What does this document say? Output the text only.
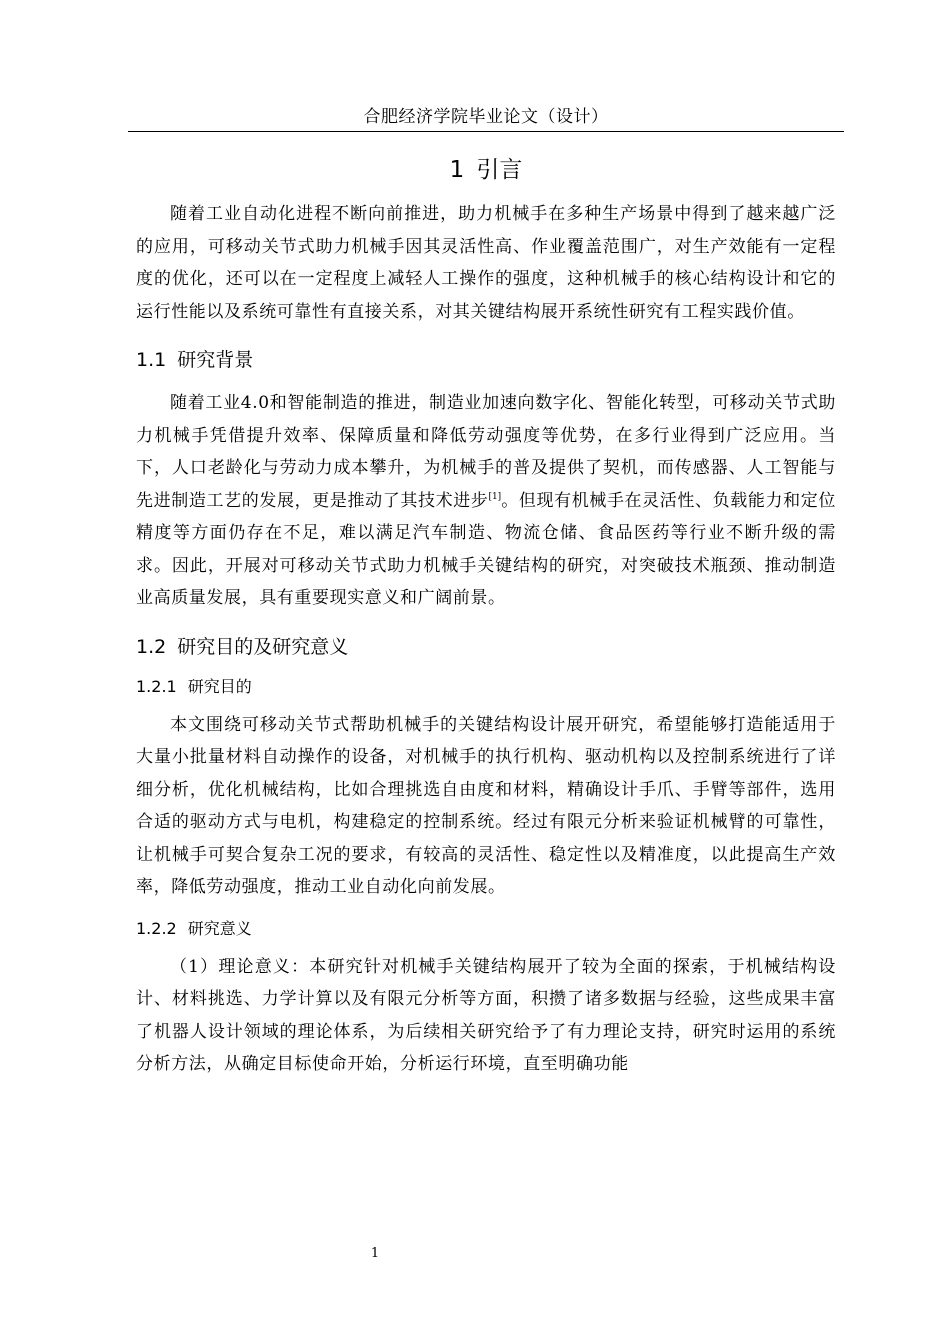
合肥经济学院毕业论文（设计）
1 引言

随着工业自动化进程不断向前推进，助力机械手在多种生产场景中得到了越来越广泛的应用，可移动关节式助力机械手因其灵活性高、作业覆盖范围广，对生产效能有一定程度的优化，还可以在一定程度上减轻人工操作的强度，这种机械手的核心结构设计和它的运行性能以及系统可靠性有直接关系，对其关键结构展开系统性研究有工程实践价值。

1.1 研究背景

随着工业4.0和智能制造的推进，制造业加速向数字化、智能化转型，可移动关节式助力机械手凭借提升效率、保障质量和降低劳动强度等优势，在多行业得到广泛应用。当下，人口老龄化与劳动力成本攀升，为机械手的普及提供了契机，而传感器、人工智能与先进制造工艺的发展，更是推动了其技术进步[1]。但现有机械手在灵活性、负载能力和定位精度等方面仍存在不足，难以满足汽车制造、物流仓储、食品医药等行业不断升级的需求。因此，开展对可移动关节式助力机械手关键结构的研究，对突破技术瓶颈、推动制造业高质量发展，具有重要现实意义和广阔前景。

1.2 研究目的及研究意义
1.2.1 研究目的

本文围绕可移动关节式帮助机械手的关键结构设计展开研究，希望能够打造能适用于大量小批量材料自动操作的设备，对机械手的执行机构、驱动机构以及控制系统进行了详细分析，优化机械结构，比如合理挑选自由度和材料，精确设计手爪、手臂等部件，选用合适的驱动方式与电机，构建稳定的控制系统。经过有限元分析来验证机械臂的可靠性，让机械手可契合复杂工况的要求，有较高的灵活性、稳定性以及精准度，以此提高生产效率，降低劳动强度，推动工业自动化向前发展。

1.2.2 研究意义

（1）理论意义：本研究针对机械手关键结构展开了较为全面的探索，于机械结构设计、材料挑选、力学计算以及有限元分析等方面，积攒了诸多数据与经验，这些成果丰富了机器人设计领域的理论体系，为后续相关研究给予了有力理论支持，研究时运用的系统分析方法，从确定目标使命开始，分析运行环境，直至明确功能

1
